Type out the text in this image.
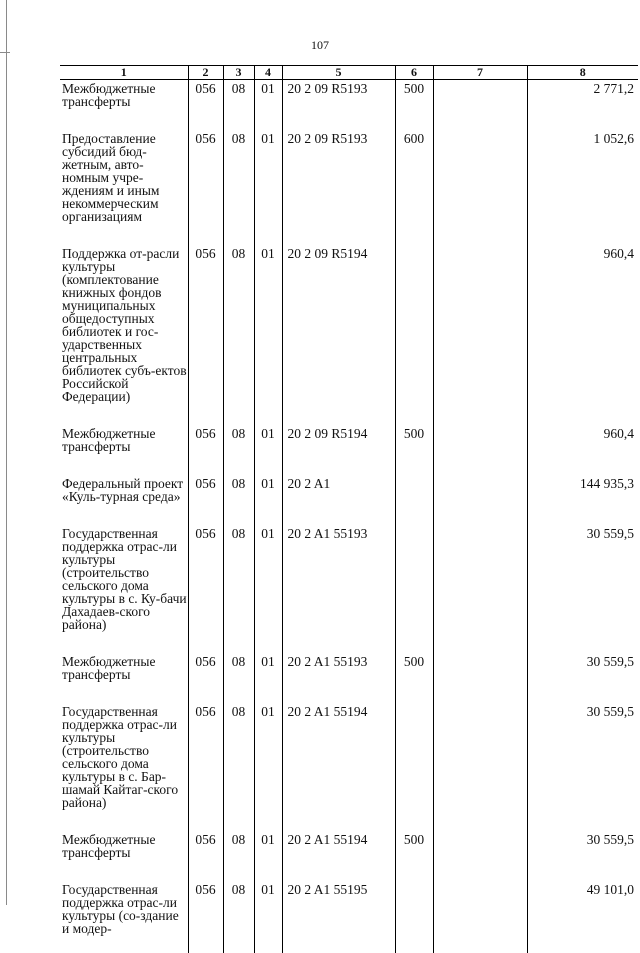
107
1	2	3	4	5	6	7	8
Межбюджетные трансферты	056	08	01	20 2 09 R5193	500		2 771,2
Предоставление субсидий бюд-жетным, авто-номным учре-ждениям и иным некоммерческим организациям	056	08	01	20 2 09 R5193	600		1 052,6
Поддержка от-расли культуры (комплектование книжных фондов муниципальных общедоступных библиотек и гос-ударственных центральных библиотек субъ-ектов Российской Федерации)	056	08	01	20 2 09 R5194			960,4
Межбюджетные трансферты	056	08	01	20 2 09 R5194	500		960,4
Федеральный проект «Куль-турная среда»	056	08	01	20 2 A1			144 935,3
Государственная поддержка отрас-ли культуры (строительство сельского дома культуры в с. Ку-бачи Дахадаев-ского района)	056	08	01	20 2 A1 55193			30 559,5
Межбюджетные трансферты	056	08	01	20 2 A1 55193	500		30 559,5
Государственная поддержка отрас-ли культуры (строительство сельского дома культуры в с. Бар-шамай Кайтаг-ского района)	056	08	01	20 2 A1 55194			30 559,5
Межбюджетные трансферты	056	08	01	20 2 A1 55194	500		30 559,5
Государственная поддержка отрас-ли культуры (со-здание и модер-	056	08	01	20 2 A1 55195			49 101,0
